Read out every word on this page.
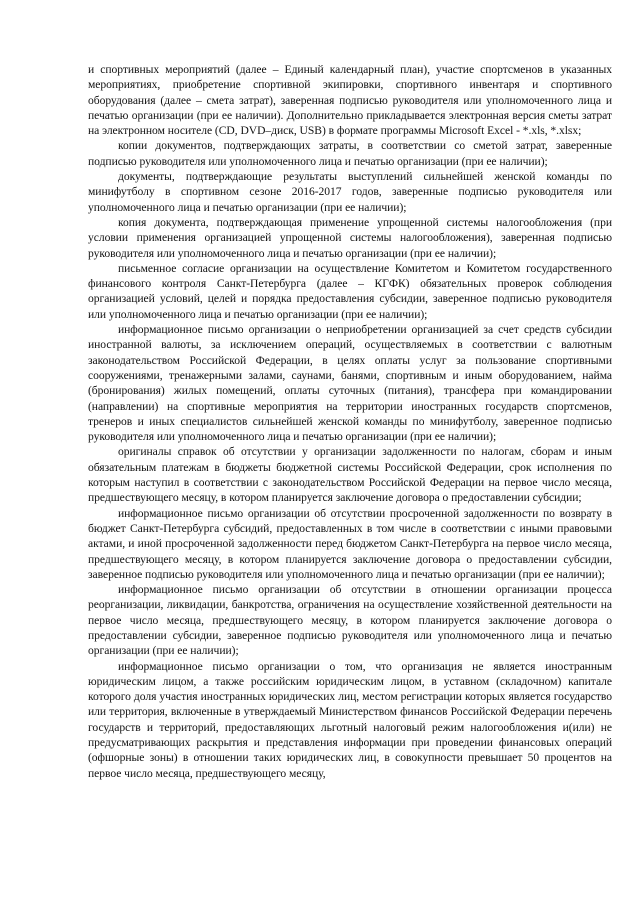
и спортивных мероприятий (далее – Единый календарный план), участие спортсменов в указанных мероприятиях, приобретение спортивной экипировки, спортивного инвентаря и спортивного оборудования (далее – смета затрат), заверенная подписью руководителя или уполномоченного лица и печатью организации (при ее наличии). Дополнительно прикладывается электронная версия сметы затрат на электронном носителе (CD, DVD–диск, USB) в формате программы Microsoft Excel - *.xls, *.xlsx;

копии документов, подтверждающих затраты, в соответствии со сметой затрат, заверенные подписью руководителя или уполномоченного лица и печатью организации (при ее наличии);

документы, подтверждающие результаты выступлений сильнейшей женской команды по минифутболу в спортивном сезоне 2016-2017 годов, заверенные подписью руководителя или уполномоченного лица и печатью организации (при ее наличии);

копия документа, подтверждающая применение упрощенной системы налогообложения (при условии применения организацией упрощенной системы налогообложения), заверенная подписью руководителя или уполномоченного лица и печатью организации (при ее наличии);

письменное согласие организации на осуществление Комитетом и Комитетом государственного финансового контроля Санкт-Петербурга (далее – КГФК) обязательных проверок соблюдения организацией условий, целей и порядка предоставления субсидии, заверенное подписью руководителя или уполномоченного лица и печатью организации (при ее наличии);

информационное письмо организации о неприобретении организацией за счет средств субсидии иностранной валюты, за исключением операций, осуществляемых в соответствии с валютным законодательством Российской Федерации, в целях оплаты услуг за пользование спортивными сооружениями, тренажерными залами, саунами, банями, спортивным и иным оборудованием, найма (бронирования) жилых помещений, оплаты суточных (питания), трансфера при командировании (направлении) на спортивные мероприятия на территории иностранных государств спортсменов, тренеров и иных специалистов сильнейшей женской команды по минифутболу, заверенное подписью руководителя или уполномоченного лица и печатью организации (при ее наличии);

оригиналы справок об отсутствии у организации задолженности по налогам, сборам и иным обязательным платежам в бюджеты бюджетной системы Российской Федерации, срок исполнения по которым наступил в соответствии с законодательством Российской Федерации на первое число месяца, предшествующего месяцу, в котором планируется заключение договора о предоставлении субсидии;

информационное письмо организации об отсутствии просроченной задолженности по возврату в бюджет Санкт-Петербурга субсидий, предоставленных в том числе в соответствии с иными правовыми актами, и иной просроченной задолженности перед бюджетом Санкт-Петербурга на первое число месяца, предшествующего месяцу, в котором планируется заключение договора о предоставлении субсидии, заверенное подписью руководителя или уполномоченного лица и печатью организации (при ее наличии);

информационное письмо организации об отсутствии в отношении организации процесса реорганизации, ликвидации, банкротства, ограничения на осуществление хозяйственной деятельности на первое число месяца, предшествующего месяцу, в котором планируется заключение договора о предоставлении субсидии, заверенное подписью руководителя или уполномоченного лица и печатью организации (при ее наличии);

информационное письмо организации о том, что организация не является иностранным юридическим лицом, а также российским юридическим лицом, в уставном (складочном) капитале которого доля участия иностранных юридических лиц, местом регистрации которых является государство или территория, включенные в утверждаемый Министерством финансов Российской Федерации перечень государств и территорий, предоставляющих льготный налоговый режим налогообложения и(или) не предусматривающих раскрытия и представления информации при проведении финансовых операций (офшорные зоны) в отношении таких юридических лиц, в совокупности превышает 50 процентов на первое число месяца, предшествующего месяцу,
